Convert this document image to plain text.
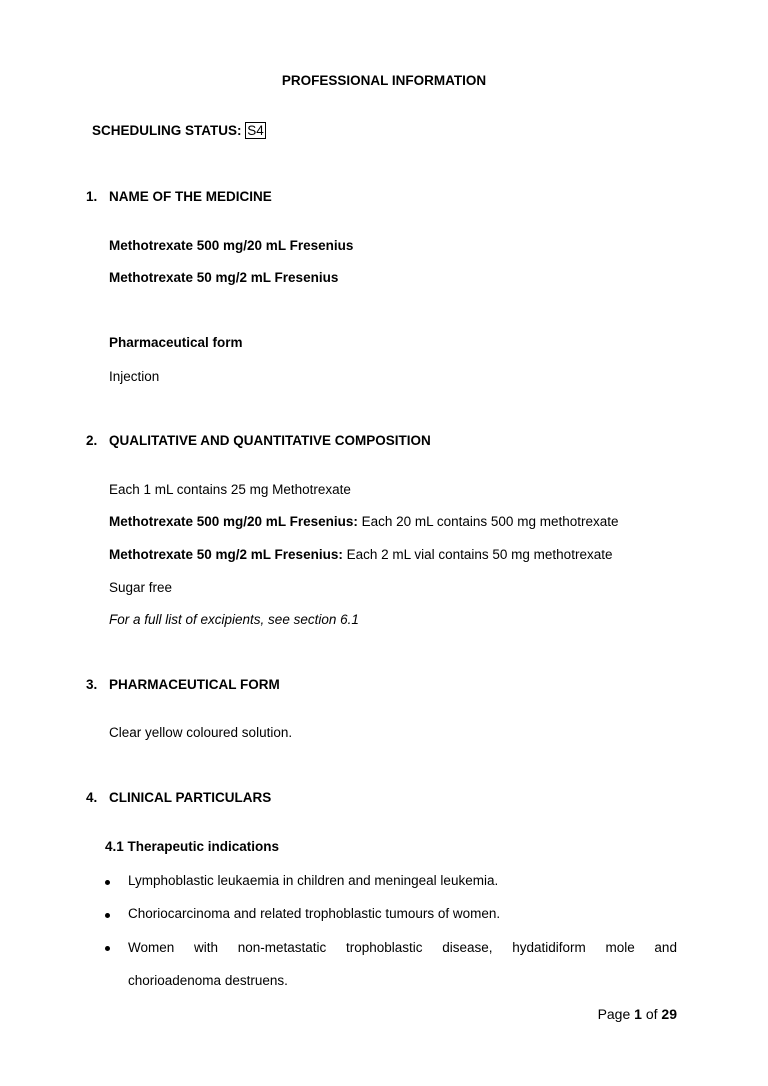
PROFESSIONAL INFORMATION
SCHEDULING STATUS: S4
1. NAME OF THE MEDICINE
Methotrexate 500 mg/20 mL Fresenius
Methotrexate 50 mg/2 mL Fresenius
Pharmaceutical form
Injection
2. QUALITATIVE AND QUANTITATIVE COMPOSITION
Each 1 mL contains 25 mg Methotrexate
Methotrexate 500 mg/20 mL Fresenius: Each 20 mL contains 500 mg methotrexate
Methotrexate 50 mg/2 mL Fresenius: Each 2 mL vial contains 50 mg methotrexate
Sugar free
For a full list of excipients, see section 6.1
3. PHARMACEUTICAL FORM
Clear yellow coloured solution.
4. CLINICAL PARTICULARS
4.1 Therapeutic indications
Lymphoblastic leukaemia in children and meningeal leukemia.
Choriocarcinoma and related trophoblastic tumours of women.
Women with non-metastatic trophoblastic disease, hydatidiform mole and
chorioadenoma destruens.
Page 1 of 29
